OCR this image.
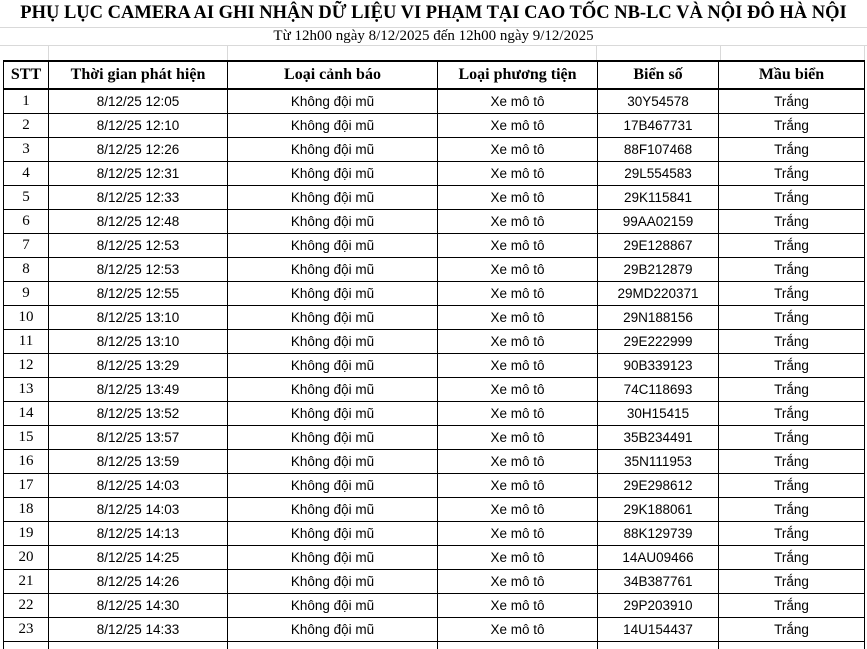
PHỤ LỤC CAMERA AI GHI NHẬN DỮ LIỆU VI PHẠM TẠI CAO TỐC NB-LC VÀ NỘI ĐÔ HÀ NỘI
Từ 12h00 ngày 8/12/2025 đến 12h00 ngày 9/12/2025
STT	Thời gian phát hiện	Loại cảnh báo	Loại phương tiện	Biển số	Mầu biển
1	8/12/25 12:05	Không đội mũ	Xe mô tô	30Y54578	Trắng
2	8/12/25 12:10	Không đội mũ	Xe mô tô	17B467731	Trắng
3	8/12/25 12:26	Không đội mũ	Xe mô tô	88F107468	Trắng
4	8/12/25 12:31	Không đội mũ	Xe mô tô	29L554583	Trắng
5	8/12/25 12:33	Không đội mũ	Xe mô tô	29K115841	Trắng
6	8/12/25 12:48	Không đội mũ	Xe mô tô	99AA02159	Trắng
7	8/12/25 12:53	Không đội mũ	Xe mô tô	29E128867	Trắng
8	8/12/25 12:53	Không đội mũ	Xe mô tô	29B212879	Trắng
9	8/12/25 12:55	Không đội mũ	Xe mô tô	29MD220371	Trắng
10	8/12/25 13:10	Không đội mũ	Xe mô tô	29N188156	Trắng
11	8/12/25 13:10	Không đội mũ	Xe mô tô	29E222999	Trắng
12	8/12/25 13:29	Không đội mũ	Xe mô tô	90B339123	Trắng
13	8/12/25 13:49	Không đội mũ	Xe mô tô	74C118693	Trắng
14	8/12/25 13:52	Không đội mũ	Xe mô tô	30H15415	Trắng
15	8/12/25 13:57	Không đội mũ	Xe mô tô	35B234491	Trắng
16	8/12/25 13:59	Không đội mũ	Xe mô tô	35N111953	Trắng
17	8/12/25 14:03	Không đội mũ	Xe mô tô	29E298612	Trắng
18	8/12/25 14:03	Không đội mũ	Xe mô tô	29K188061	Trắng
19	8/12/25 14:13	Không đội mũ	Xe mô tô	88K129739	Trắng
20	8/12/25 14:25	Không đội mũ	Xe mô tô	14AU09466	Trắng
21	8/12/25 14:26	Không đội mũ	Xe mô tô	34B387761	Trắng
22	8/12/25 14:30	Không đội mũ	Xe mô tô	29P203910	Trắng
23	8/12/25 14:33	Không đội mũ	Xe mô tô	14U154437	Trắng
